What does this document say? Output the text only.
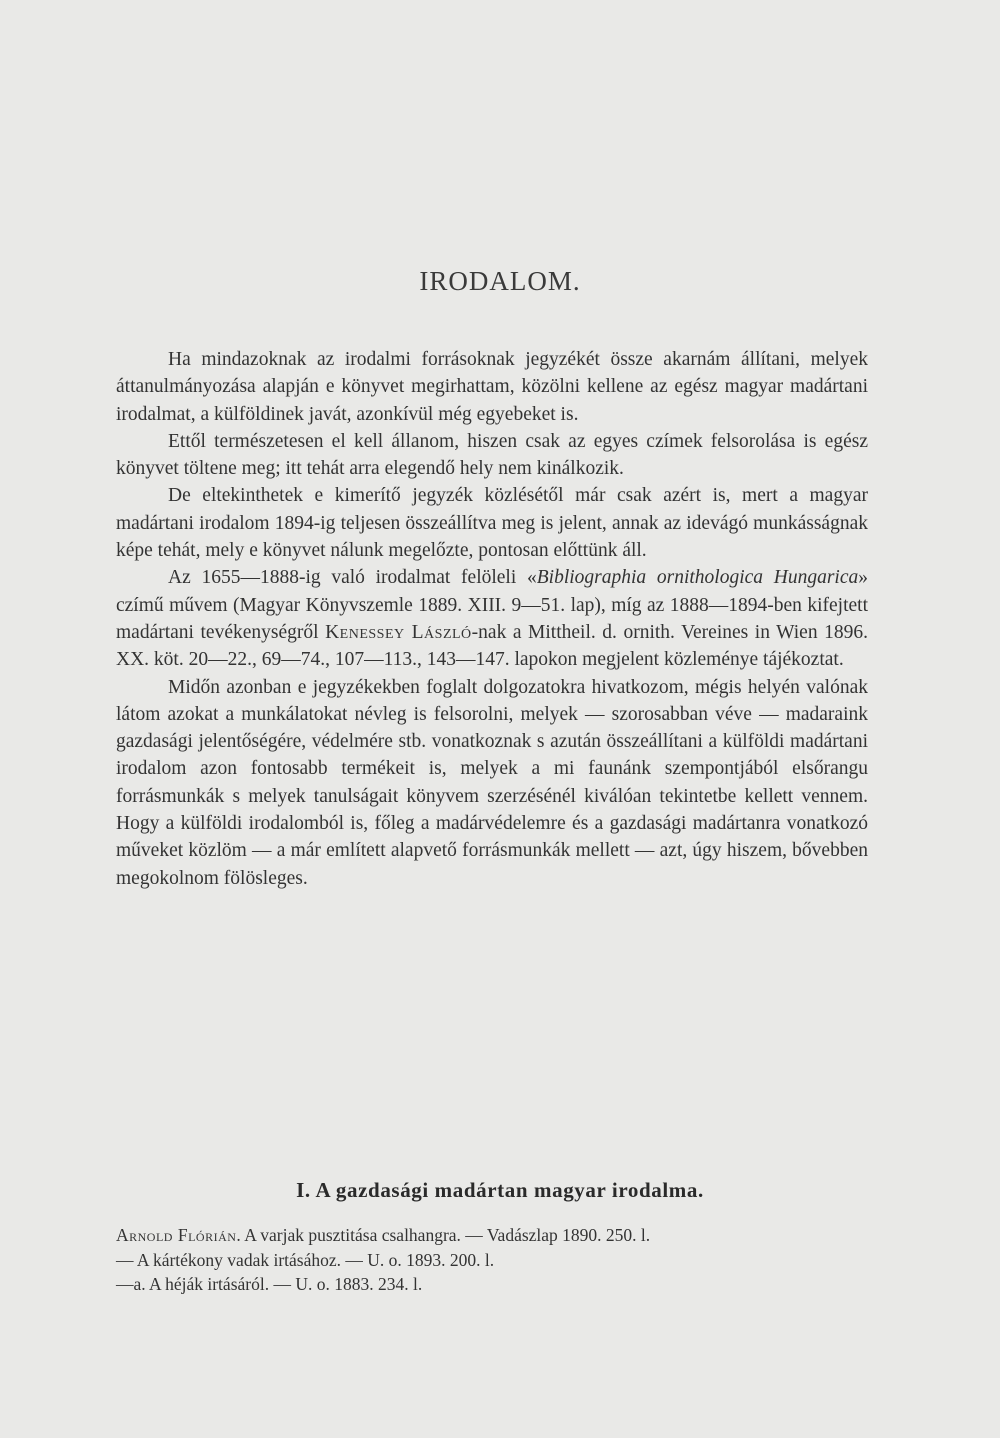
IRODALOM.

Ha mindazoknak az irodalmi forrásoknak jegyzékét össze akarnám állítani, melyek áttanulmányozása alapján e könyvet megirhattam, közölni kellene az egész magyar madártani irodalmat, a külföldinek javát, azonkívül még egyebeket is.

Ettől természetesen el kell állanom, hiszen csak az egyes czímek felsorolása is egész könyvet töltene meg; itt tehát arra elegendő hely nem kinálkozik.

De eltekinthetek e kimerítő jegyzék közlésétől már csak azért is, mert a magyar madártani irodalom 1894-ig teljesen összeállítva meg is jelent, annak az idevágó munkásságnak képe tehát, mely e könyvet nálunk megelőzte, pontosan előttünk áll.

Az 1655—1888-ig való irodalmat felöleli «Bibliographia ornithologica Hungarica» czímű művem (Magyar Könyvszemle 1889. XIII. 9—51. lap), míg az 1888—1894-ben kifejtett madártani tevékenységről Kenessey László-nak a Mittheil. d. ornith. Vereines in Wien 1896. XX. köt. 20—22., 69—74., 107—113., 143—147. lapokon megjelent közleménye tájékoztat.

Midőn azonban e jegyzékekben foglalt dolgozatokra hivatkozom, mégis helyén valónak látom azokat a munkálatokat névleg is felsorolni, melyek — szorosabban véve — madaraink gazdasági jelentőségére, védelmére stb. vonatkoznak s azután összeállítani a külföldi madártani irodalom azon fontosabb termékeit is, melyek a mi faunánk szempontjából elsőrangu forrásmunkák s melyek tanulságait könyvem szerzésénél kiválóan tekintetbe kellett vennem. Hogy a külföldi irodalomból is, főleg a madárvédelemre és a gazdasági madártanra vonatkozó műveket közlöm — a már említett alapvető forrásmunkák mellett — azt, úgy hiszem, bővebben megokolnom fölösleges.

I. A gazdasági madártan magyar irodalma.
Arnold Flórián. A varjak pusztitása csalhangra. — Vadászlap 1890. 250. l.
— A kártékony vadak irtásához. — U. o. 1893. 200. l.
—a. A héják irtásáról. — U. o. 1883. 234. l.
